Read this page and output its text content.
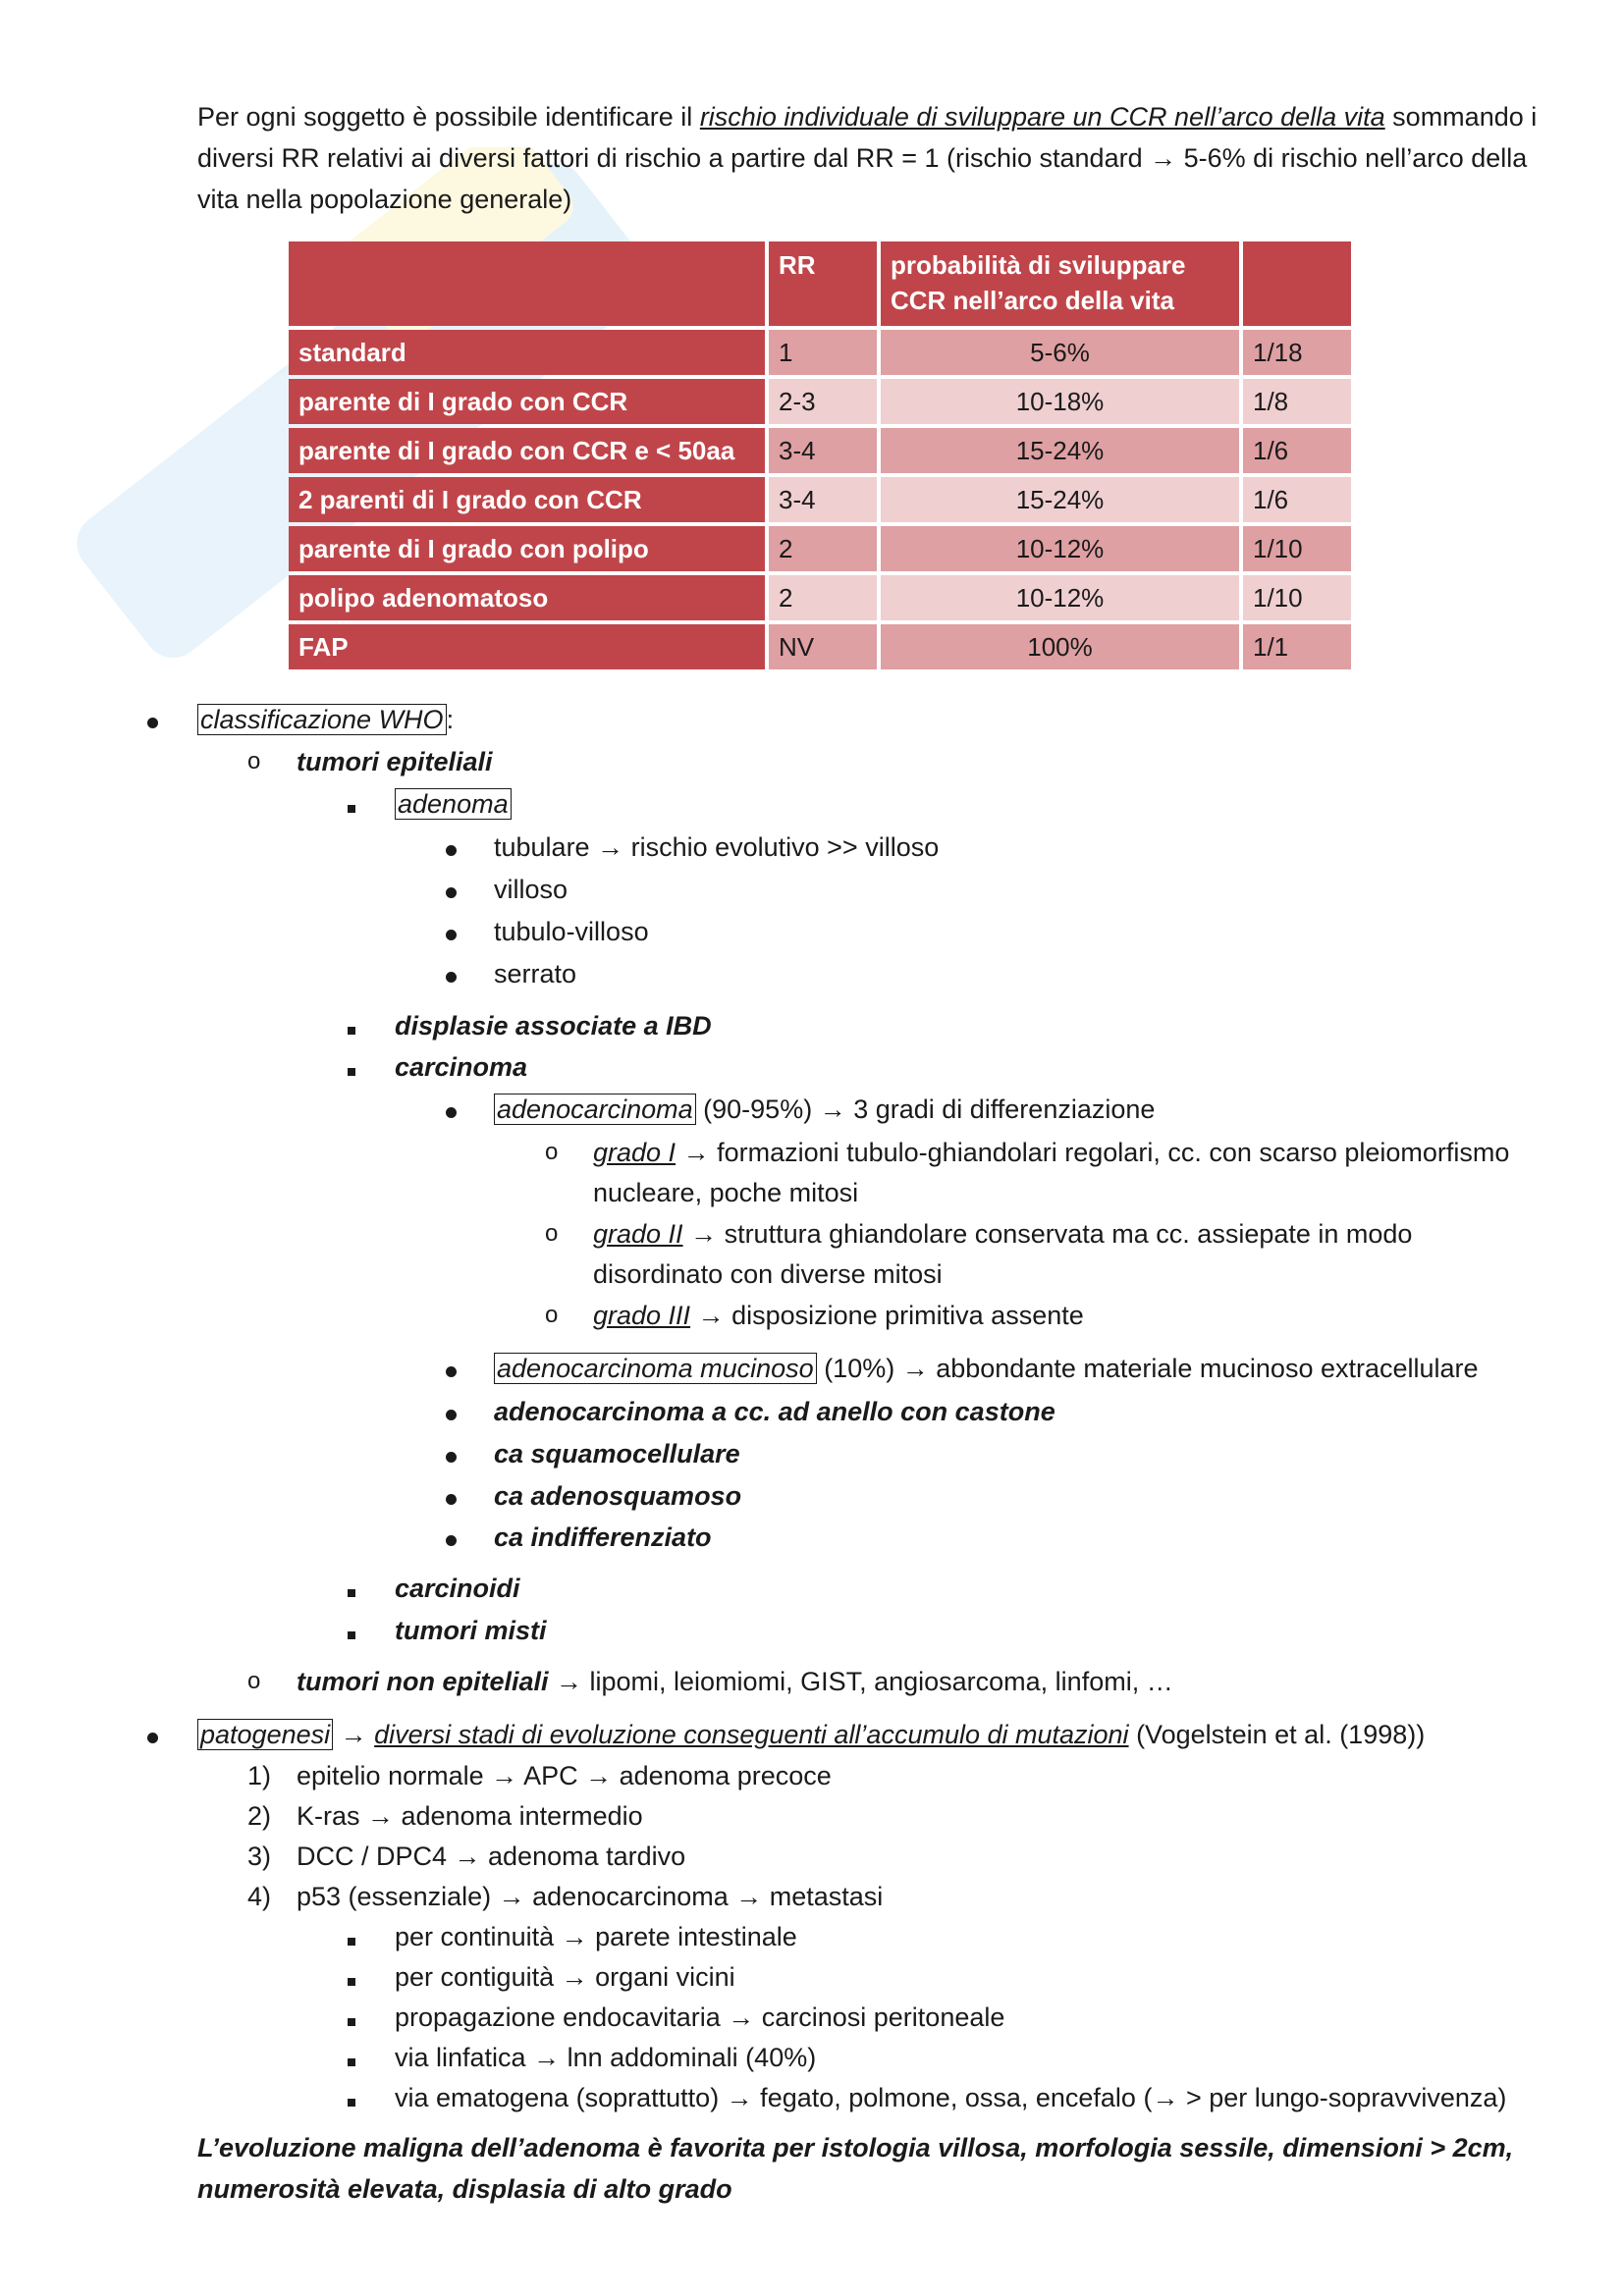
Per ogni soggetto è possibile identificare il rischio individuale di sviluppare un CCR nell’arco della vita sommando i diversi RR relativi ai diversi fattori di rischio a partire dal RR = 1 (rischio standard → 5-6% di rischio nell’arco della vita nella popolazione generale)
	RR	probabilità di sviluppare CCR nell’arco della vita	
standard	1	5-6%	1/18
parente di I grado con CCR	2-3	10-18%	1/8
parente di I grado con CCR e < 50aa	3-4	15-24%	1/6
2 parenti di I grado con CCR	3-4	15-24%	1/6
parente di I grado con polipo	2	10-12%	1/10
polipo adenomatoso	2	10-12%	1/10
FAP	NV	100%	1/1
classificazione WHO :
o tumori epiteliali
adenoma
tubulare → rischio evolutivo >> villoso
villoso
tubulo-villoso
serrato
displasie associate a IBD
carcinoma
adenocarcinoma (90-95%) → 3 gradi di differenziazione
o grado I → formazioni tubulo-ghiandolari regolari, cc. con scarso pleiomorfismo
nucleare, poche mitosi
o grado II → struttura ghiandolare conservata ma cc. assiepate in modo
disordinato con diverse mitosi
o grado III → disposizione primitiva assente
adenocarcinoma mucinoso (10%) → abbondante materiale mucinoso extracellulare
adenocarcinoma a cc. ad anello con castone
ca squamocellulare
ca adenosquamoso
ca indifferenziato
carcinoidi
tumori misti
o tumori non epiteliali → lipomi, leiomiomi, GIST, angiosarcoma, linfomi, …
patogenesi → diversi stadi di evoluzione conseguenti all’accumulo di mutazioni (Vogelstein et al. (1998))
1) epitelio normale → APC → adenoma precoce
2) K-ras → adenoma intermedio
3) DCC / DPC4 → adenoma tardivo
4) p53 (essenziale) → adenocarcinoma → metastasi
per continuità → parete intestinale
per contiguità → organi vicini
propagazione endocavitaria → carcinosi peritoneale
via linfatica → lnn addominali (40%)
via ematogena (soprattutto) → fegato, polmone, ossa, encefalo (→ > per lungo-sopravvivenza)
L’evoluzione maligna dell’adenoma è favorita per istologia villosa, morfologia sessile, dimensioni > 2cm,
numerosità elevata, displasia di alto grado
